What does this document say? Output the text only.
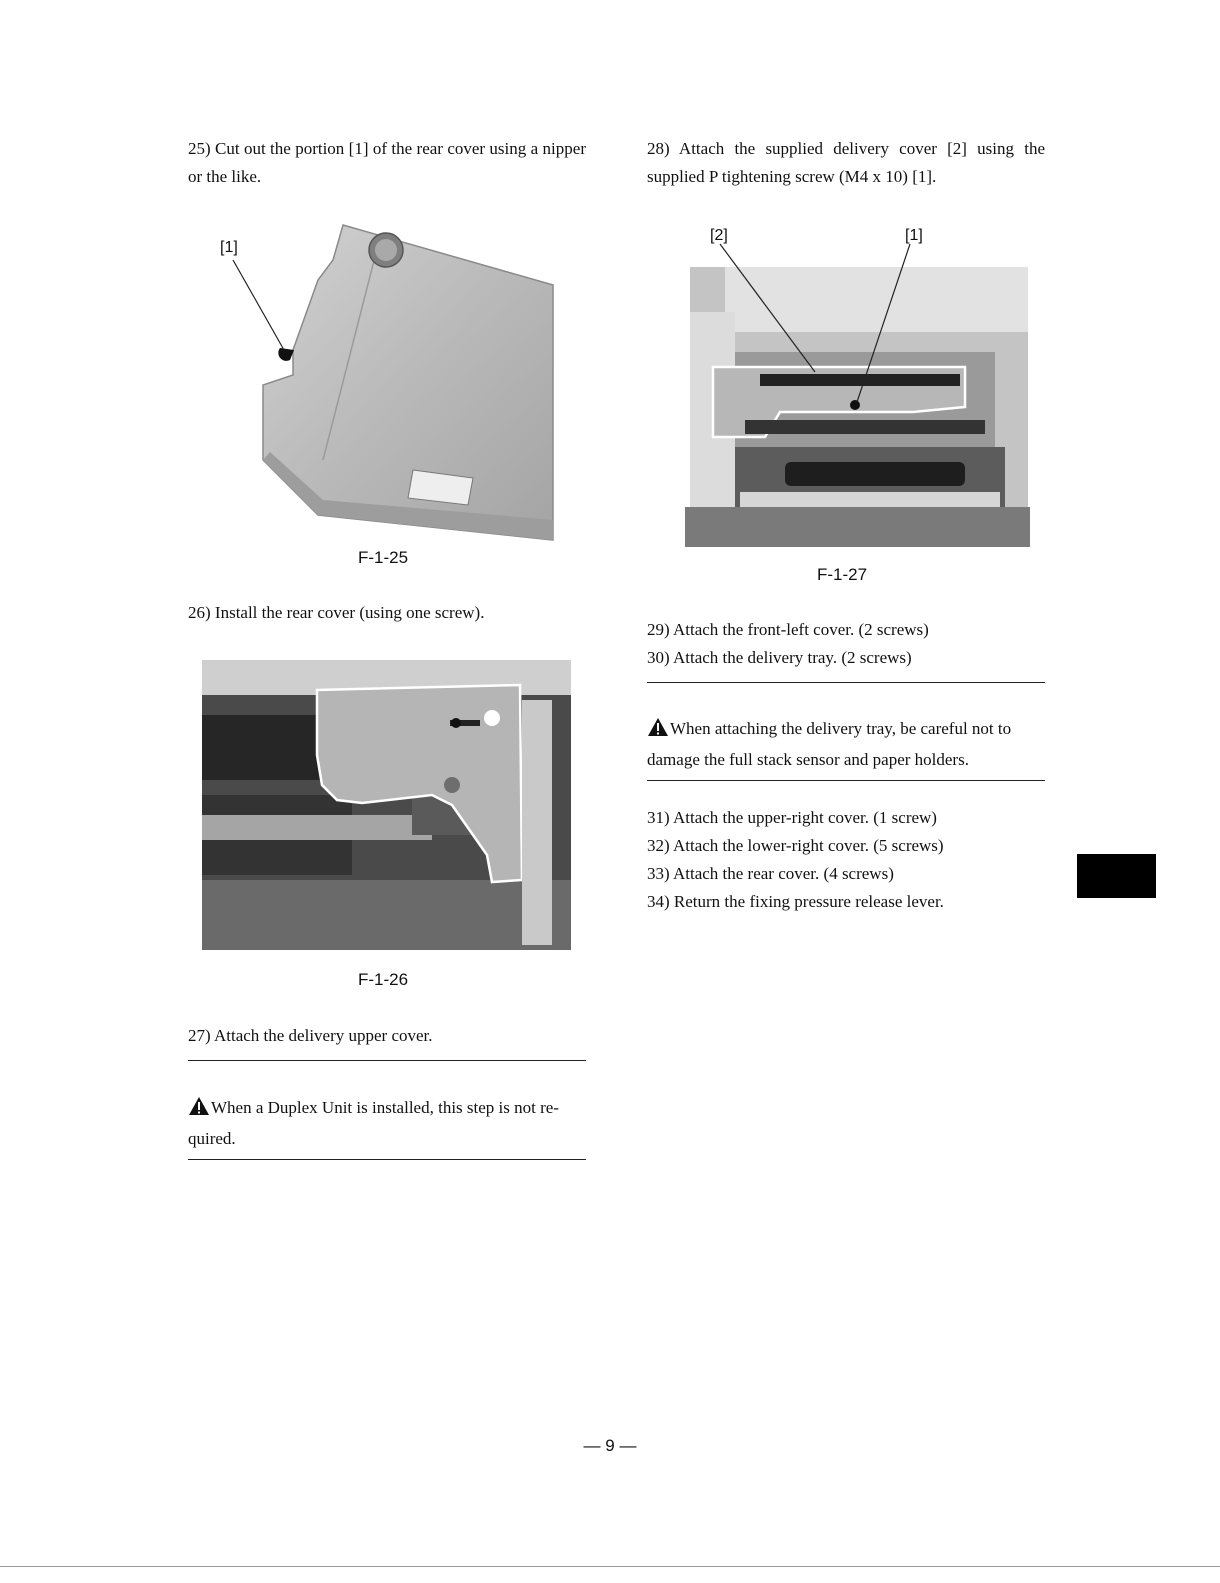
25) Cut out the portion [1] of the rear cover using a nipper or the like.

[1]
F-1-25

26) Install the rear cover (using one screw).

F-1-26

27) Attach the delivery upper cover.

When a Duplex Unit is installed, this step is not re-quired.

28) Attach the supplied delivery cover [2] using the supplied P tightening screw (M4 x 10) [1].

[2]	[1]
F-1-27

29) Attach the front-left cover. (2 screws)

30) Attach the delivery tray. (2 screws)

When attaching the delivery tray, be careful not to damage the full stack sensor and paper holders.

31) Attach the upper-right cover. (1 screw)

32) Attach the lower-right cover. (5 screws)

33) Attach the rear cover. (4 screws)

34) Return the fixing pressure release lever.

— 9 —
